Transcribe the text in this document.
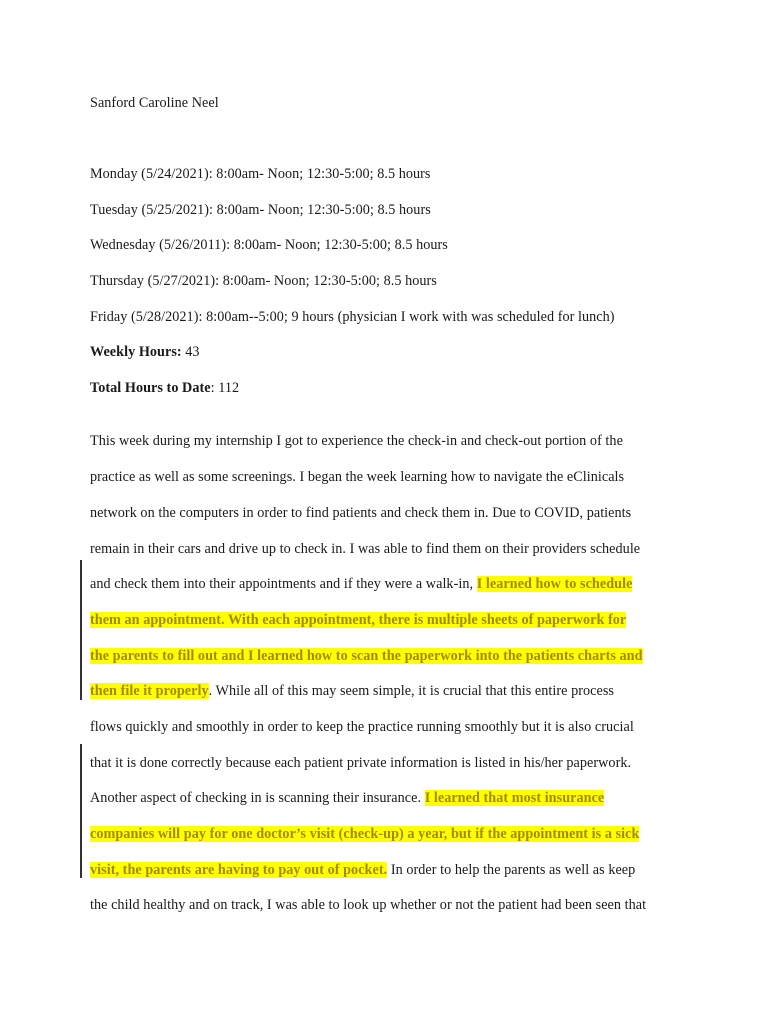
Sanford Caroline Neel
Monday (5/24/2021): 8:00am- Noon; 12:30-5:00; 8.5 hours
Tuesday (5/25/2021): 8:00am- Noon; 12:30-5:00; 8.5 hours
Wednesday (5/26/2011): 8:00am- Noon; 12:30-5:00; 8.5 hours
Thursday (5/27/2021): 8:00am- Noon; 12:30-5:00; 8.5 hours
Friday (5/28/2021): 8:00am--5:00; 9 hours (physician I work with was scheduled for lunch)
Weekly Hours: 43
Total Hours to Date: 112
This week during my internship I got to experience the check-in and check-out portion of the
practice as well as some screenings. I began the week learning how to navigate the eClinicals
network on the computers in order to find patients and check them in. Due to COVID, patients
remain in their cars and drive up to check in. I was able to find them on their providers schedule
and check them into their appointments and if they were a walk-in, I learned how to schedule
them an appointment. With each appointment, there is multiple sheets of paperwork for
the parents to fill out and I learned how to scan the paperwork into the patients charts and
then file it properly. While all of this may seem simple, it is crucial that this entire process
flows quickly and smoothly in order to keep the practice running smoothly but it is also crucial
that it is done correctly because each patient private information is listed in his/her paperwork.
Another aspect of checking in is scanning their insurance. I learned that most insurance
companies will pay for one doctor’s visit (check-up) a year, but if the appointment is a sick
visit, the parents are having to pay out of pocket. In order to help the parents as well as keep
the child healthy and on track, I was able to look up whether or not the patient had been seen that
